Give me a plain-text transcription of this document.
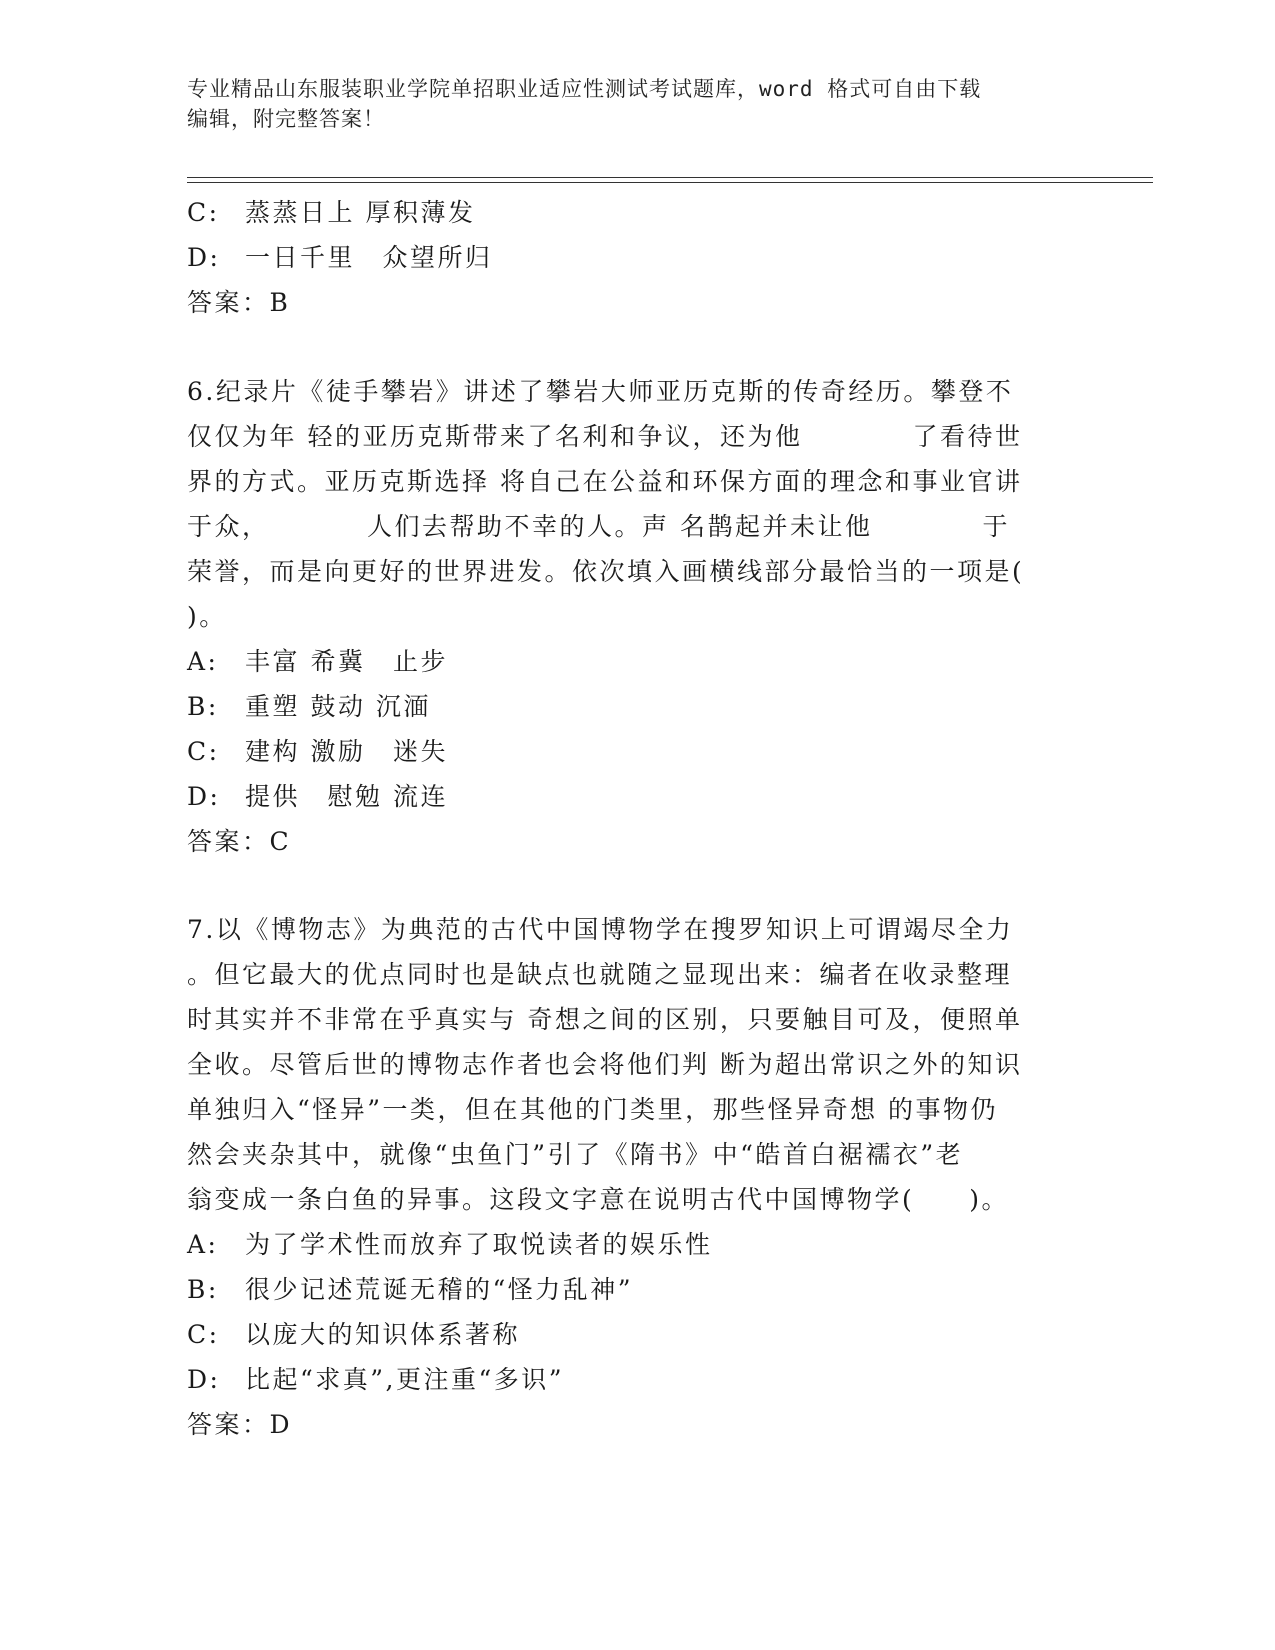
专业精品山东服装职业学院单招职业适应性测试考试题库，word 格式可自由下载
编辑，附完整答案！
C: 蒸蒸日上 厚积薄发
D: 一日千里　众望所归
答案：B
6.纪录片《徒手攀岩》讲述了攀岩大师亚历克斯的传奇经历。攀登不
仅仅为年 轻的亚历克斯带来了名利和争议，还为他　　　　了看待世
界的方式。亚历克斯选择 将自己在公益和环保方面的理念和事业官讲
于众，　　　　人们去帮助不幸的人。声 名鹊起并未让他　　　　于
荣誉，而是向更好的世界进发。依次填入画横线部分最恰当的一项是(
)。
A: 丰富 希冀　止步
B: 重塑 鼓动 沉湎
C: 建构 激励　迷失
D: 提供　慰勉 流连
答案：C
7.以《博物志》为典范的古代中国博物学在搜罗知识上可谓竭尽全力
。但它最大的优点同时也是缺点也就随之显现出来：编者在收录整理
时其实并不非常在乎真实与 奇想之间的区别，只要触目可及，便照单
全收。尽管后世的博物志作者也会将他们判 断为超出常识之外的知识
单独归入“怪异”一类，但在其他的门类里，那些怪异奇想 的事物仍
然会夹杂其中，就像“虫鱼门”引了《隋书》中“皓首白裾襦衣”老
翁变成一条白鱼的异事。这段文字意在说明古代中国博物学(　　)。
A: 为了学术性而放弃了取悦读者的娱乐性
B: 很少记述荒诞无稽的“怪力乱神”
C: 以庞大的知识体系著称
D: 比起“求真”,更注重“多识”
答案：D
